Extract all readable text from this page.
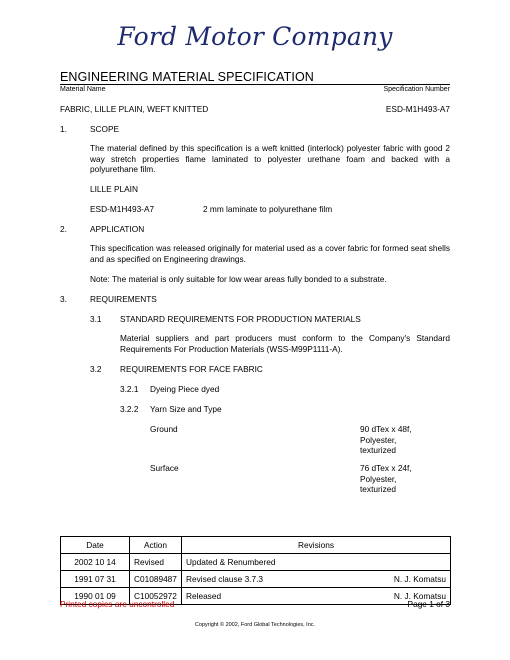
Ford Motor Company
ENGINEERING MATERIAL SPECIFICATION
Material Name	Specification Number
FABRIC, LILLE PLAIN, WEFT KNITTED	ESD-M1H493-A7
1.	SCOPE
The material defined by this specification is a weft knitted (interlock) polyester fabric with good 2 way stretch properties flame laminated to polyester urethane foam and backed with a polyurethane film.
LILLE PLAIN
ESD-M1H493-A7	2 mm laminate to polyurethane film
2.	APPLICATION
This specification was released originally for material used as a cover fabric for formed seat shells and as specified on Engineering drawings.
Note: The material is only suitable for low wear areas fully bonded to a substrate.
3.	REQUIREMENTS
3.1 STANDARD REQUIREMENTS FOR PRODUCTION MATERIALS
Material suppliers and part producers must conform to the Company's Standard Requirements For Production Materials (WSS-M99P1111-A).
3.2 REQUIREMENTS FOR FACE FABRIC
3.2.1 Dyeing Piece dyed
3.2.2 Yarn Size and Type
Ground	90 dTex x 48f,
Polyester,
texturized
Surface	76 dTex x 24f,
Polyester,
texturized
Date	Action	Revisions
2002 10 14	Revised	Updated & Renumbered

1991 07 31	C01089487	Revised clause 3.7.3 N. J. Komatsu

1990 01 09	C10052972	Released N. J. Komatsu
Printed copies are uncontrolled	Page 1 of 3
Copyright © 2002, Ford Global Technologies, Inc.
